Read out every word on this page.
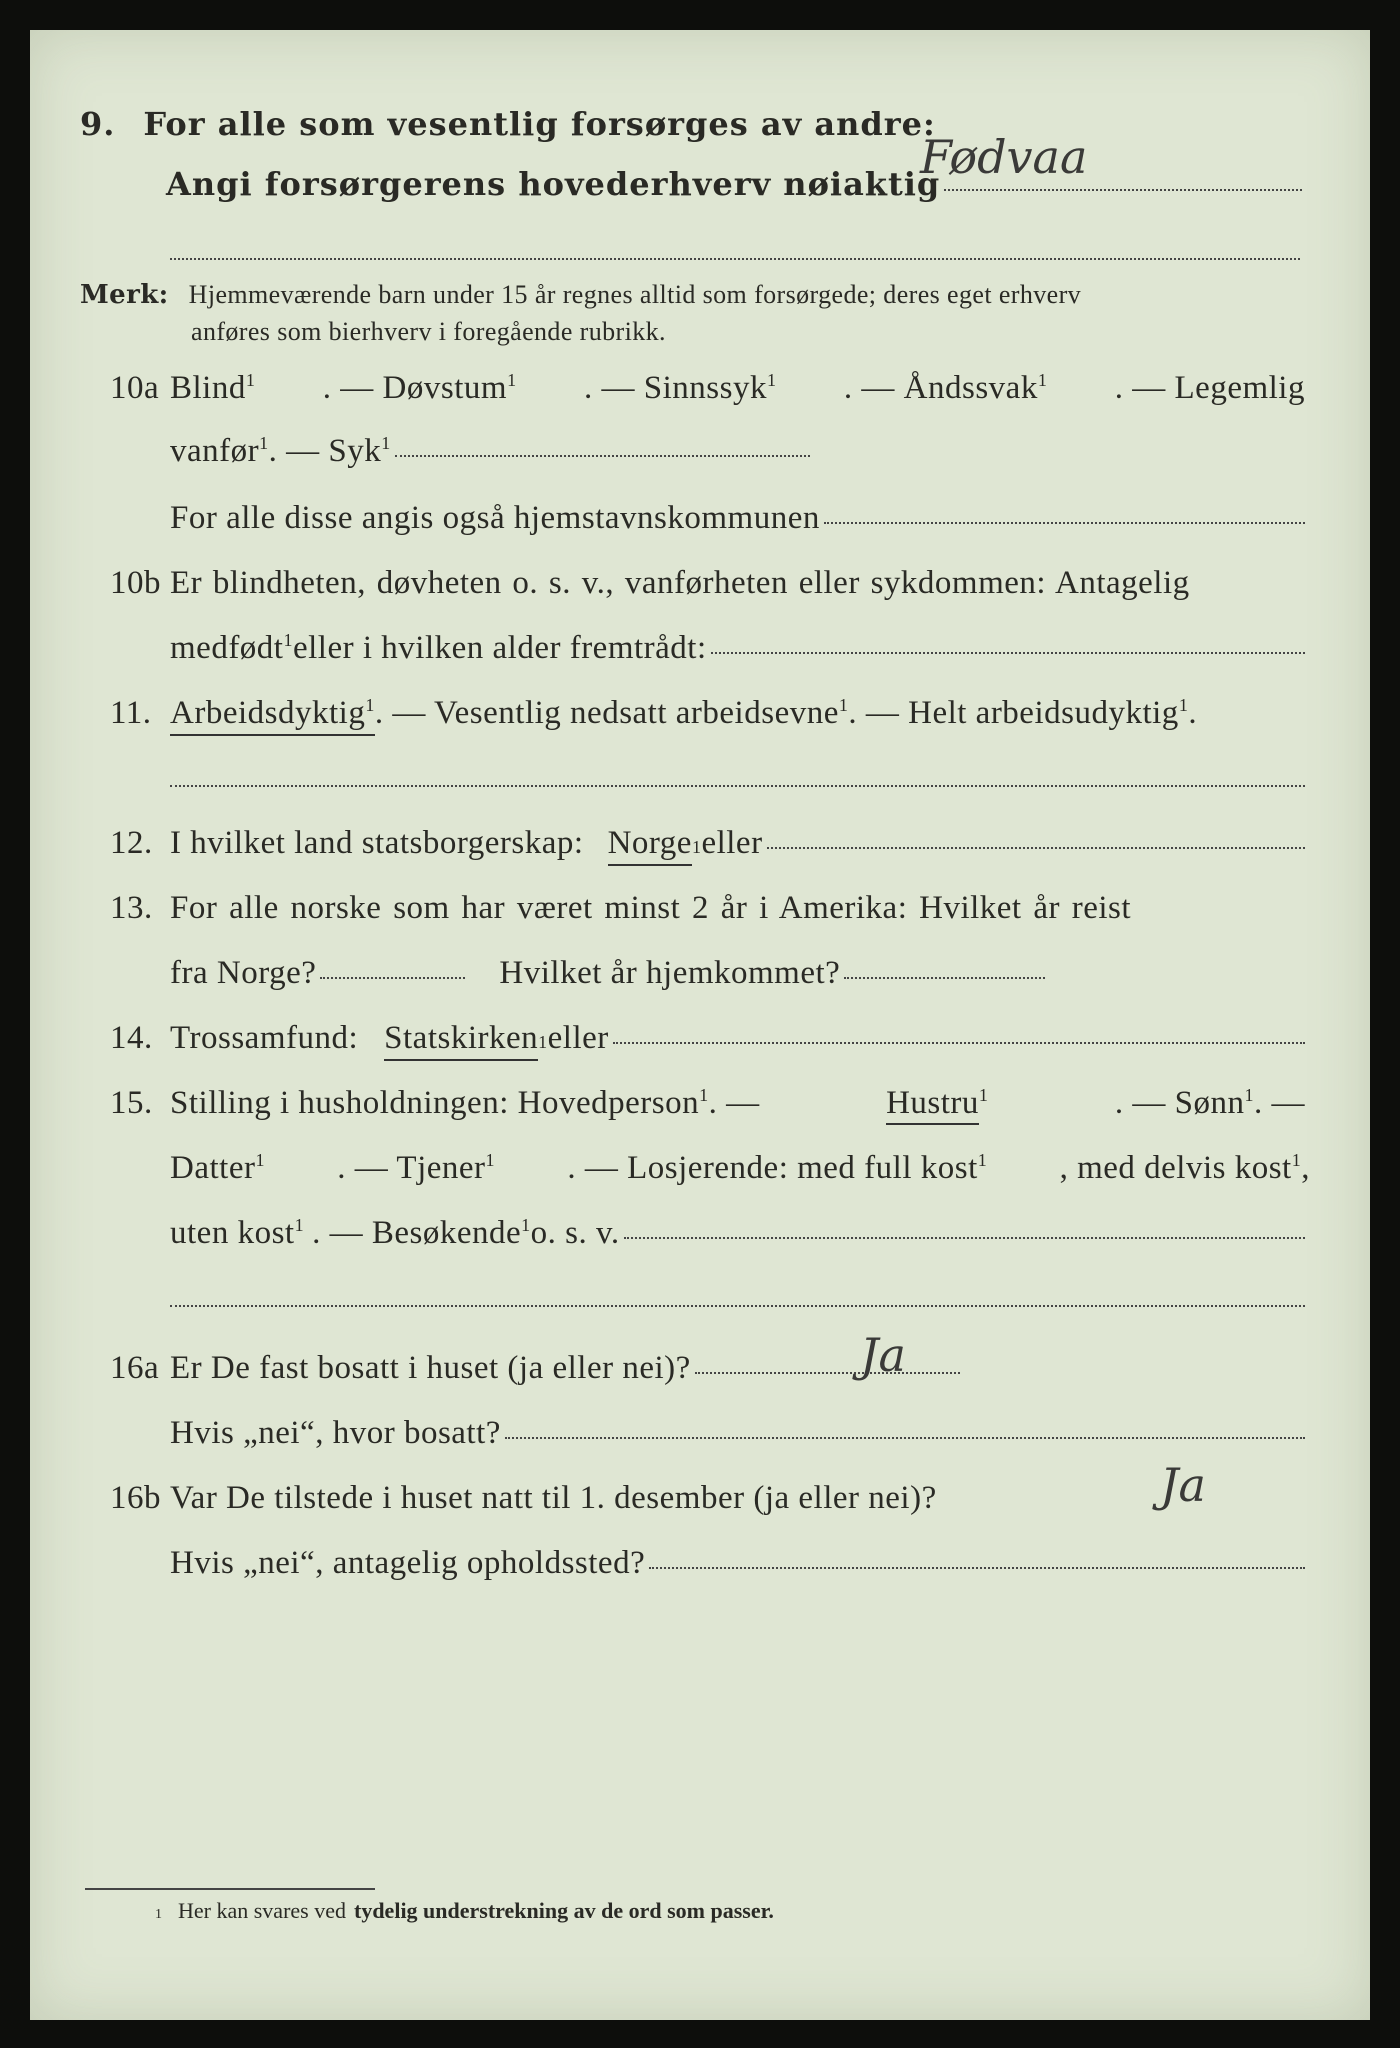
9. For alle som vesentlig forsørges av andre:
Angi forsørgerens hovederhverv nøiaktig
Fødvaa
Merk: Hjemmeværende barn under 15 år regnes alltid som forsørgede; deres eget erhverv
anføres som bierhverv i foregående rubrikk.
10a Blind$^1$ . — Døvstum$^1$ . — Sinnssyk$^1$ . — Åndssvak$^1$ . — Legemlig
vanfør$^1$ . — Syk$^1$
For alle disse angis også hjemstavnskommunen
10b Er blindheten, døvheten o. s. v., vanførheten eller sykdommen: Antagelig
medfødt$^1$ eller i hvilken alder fremtrådt:
11. Arbeidsdyktig$^1$ . — Vesentlig nedsatt arbeidsevne$^1$ . — Helt arbeidsudyktig$^1$.
12. I hvilket land statsborgerskap: Norge 1 eller
13. For alle norske som har været minst 2 år i Amerika: Hvilket år reist
fra Norge?	Hvilket år hjemkommet?
14. Trossamfund: Statskirken 1 eller
15. Stilling i husholdningen: Hovedperson$^1$. —	Hustru$^1$	. — Sønn$^1$. —
Datter$^1$ . — Tjener$^1$ . — Losjerende: med full kost$^1$ , med delvis kost$^1$,
uten kost$^1$ . — Besøkende$^1$ o. s. v.
16a Er De fast bosatt i huset (ja eller nei)?	Ja
Hvis „nei“, hvor bosatt?
16b Var De tilstede i huset natt til 1. desember (ja eller nei)?	Ja
Hvis „nei“, antagelig opholdssted?
1 Her kan svares ved tydelig understrekning av de ord som passer.
